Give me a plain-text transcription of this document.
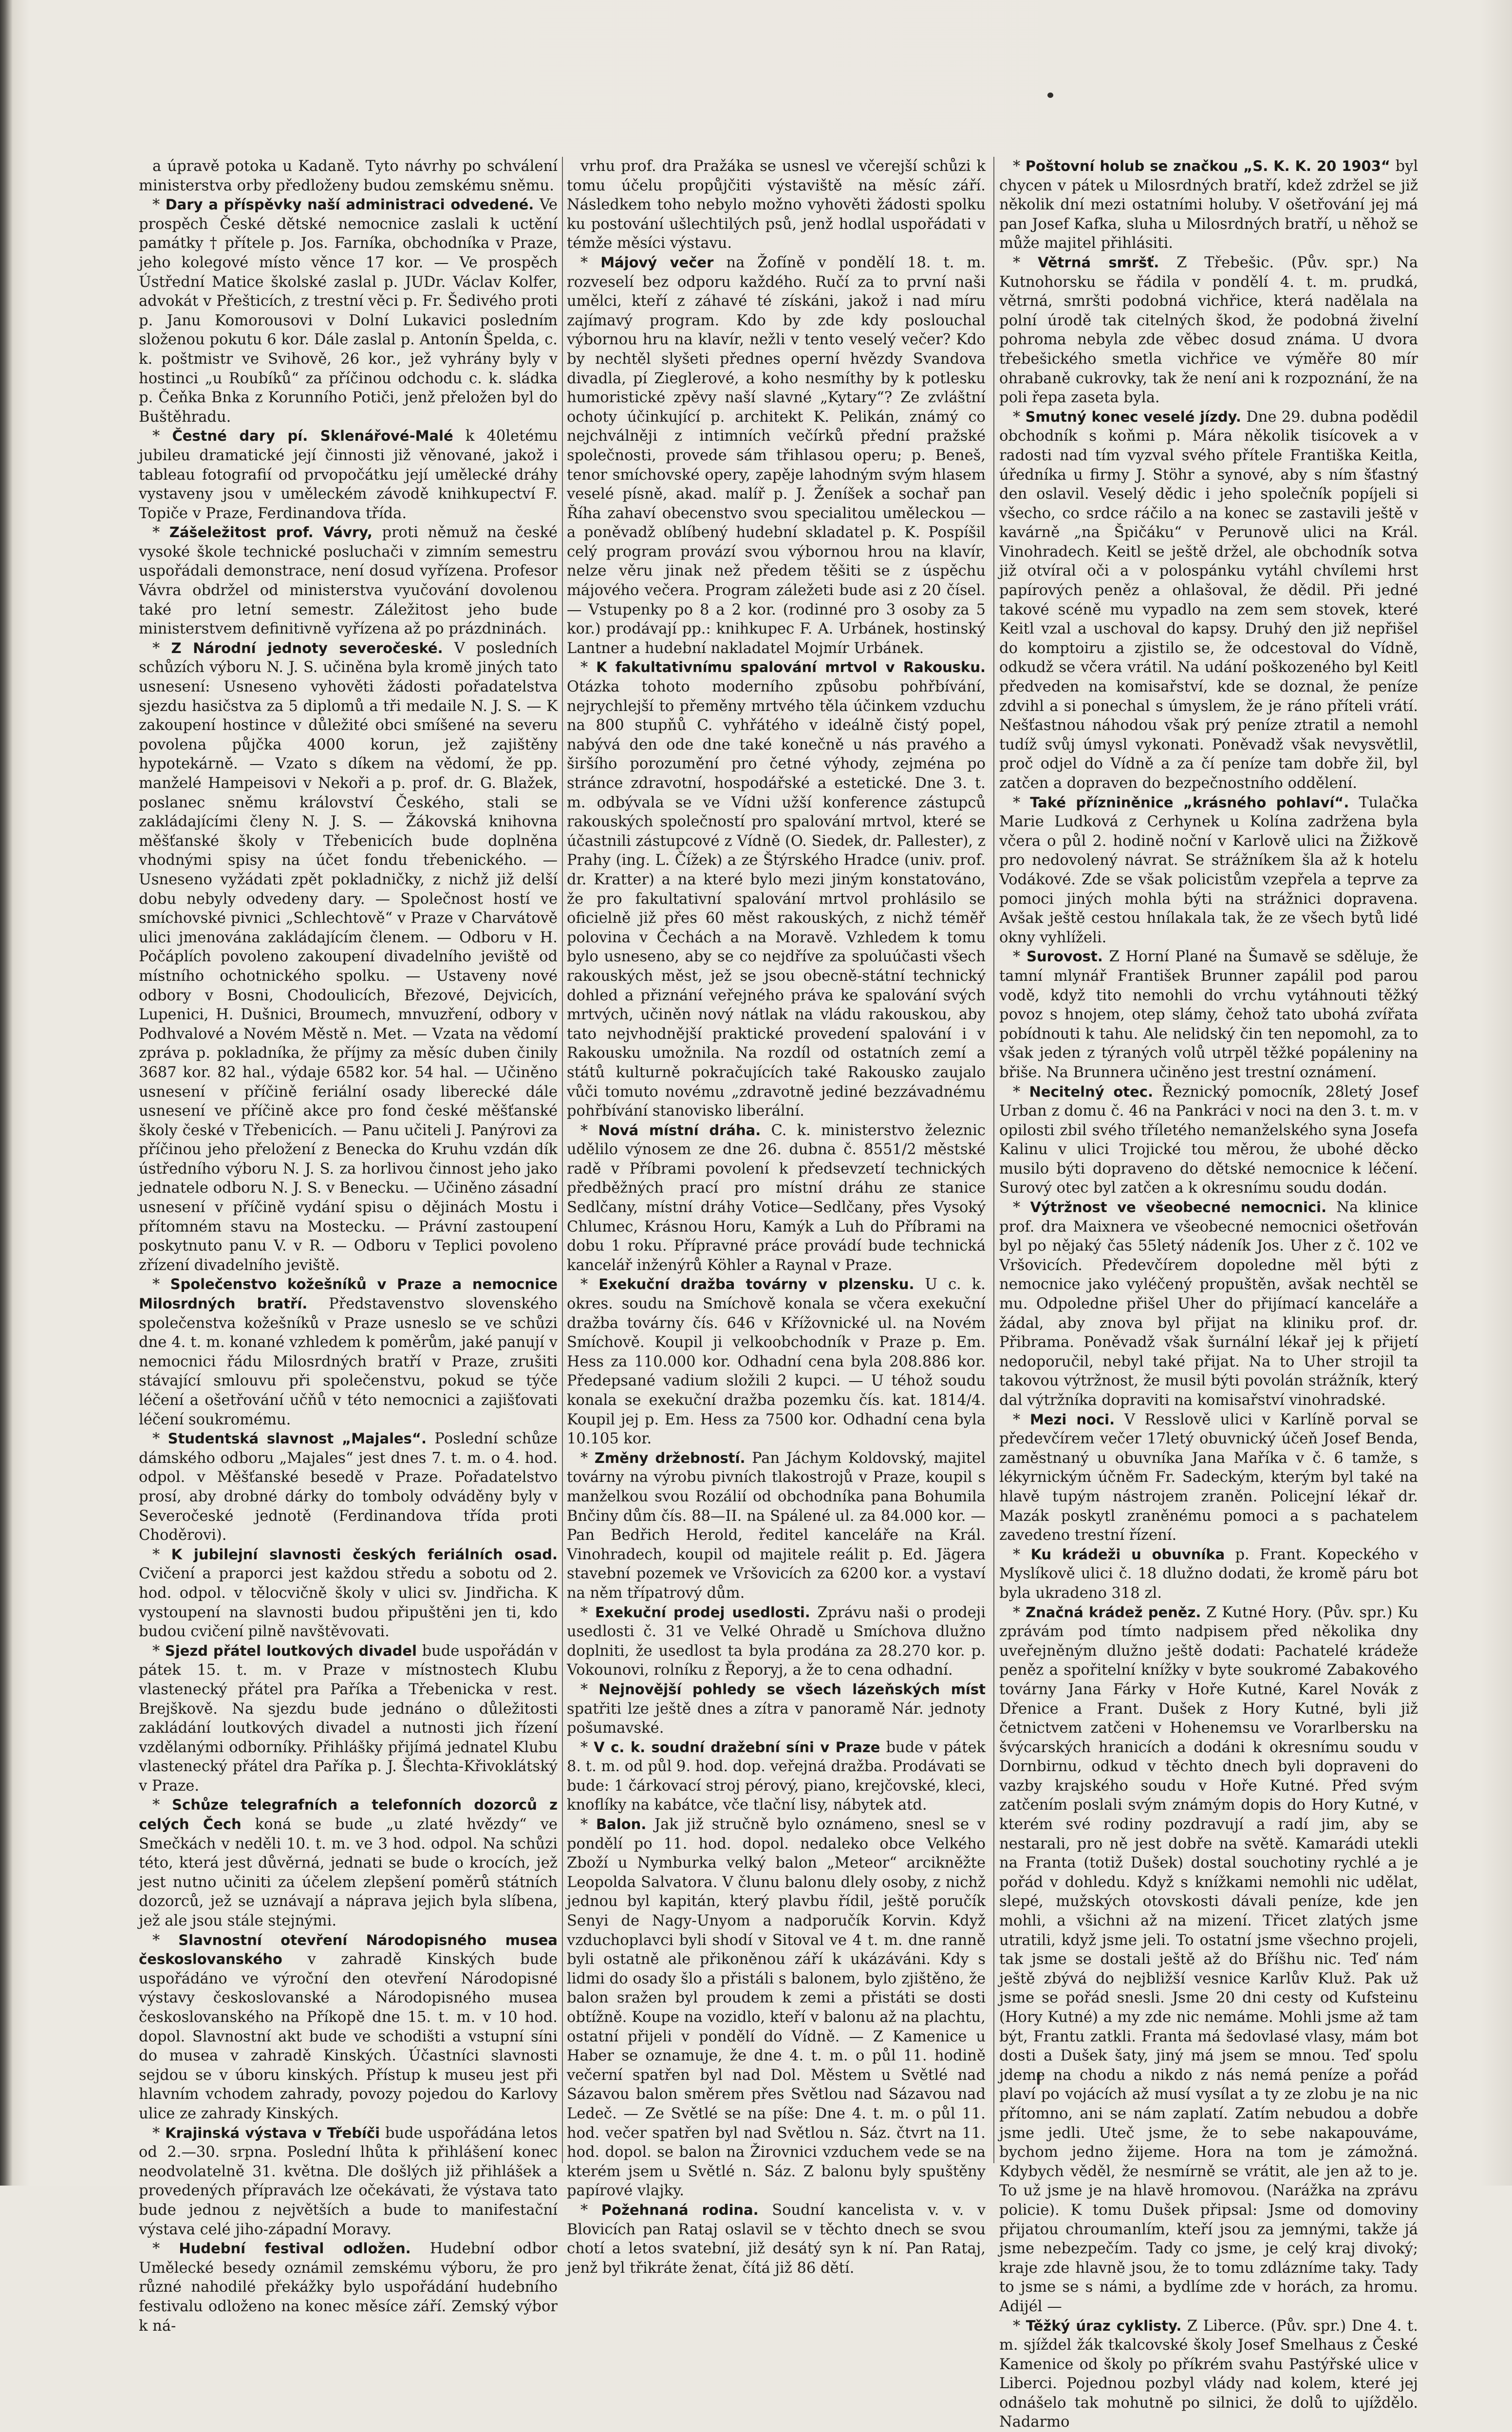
a úpravě potoka u Kadaně. Tyto návrhy po schválení ministerstva orby předloženy budou zemskému sněmu.

* Dary a příspěvky naší administraci odvedené. Ve prospěch České dětské nemocnice zaslali k uctění památky † přítele p. Jos. Farníka, obchodníka v Praze, jeho kolegové místo věnce 17 kor. — Ve prospěch Ústřední Matice školské zaslal p. JUDr. Václav Kolfer, advokát v Přešticích, z trestní věci p. Fr. Šedivého proti p. Janu Komorousovi v Dolní Lukavici posledním složenou pokutu 6 kor. Dále zaslal p. Antonín Špelda, c. k. poštmistr ve Svihově, 26 kor., jež vyhrány byly v hostinci „u Roubíků“ za příčinou odchodu c. k. sládka p. Čeňka Bnka z Korunního Potiči, jenž přeložen byl do Buštěhradu.

* Čestné dary pí. Sklenářové-Malé k 40letému jubileu dramatické její činnosti již věnované, jakož i tableau fotografií od prvopočátku její umělecké dráhy vystaveny jsou v uměleckém závodě knihkupectví F. Topiče v Praze, Ferdinandova třída.

* Zášeležitost prof. Vávry, proti němuž na české vysoké škole technické posluchači v zimním semestru uspořádali demonstrace, není dosud vyřízena. Profesor Vávra obdržel od ministerstva vyučování dovolenou také pro letní semestr. Záležitost jeho bude ministerstvem definitivně vyřízena až po prázdninách.

* Z Národní jednoty severočeské. V posledních schůzích výboru N. J. S. učiněna byla kromě jiných tato usnesení: Usneseno vyhověti žádosti pořadatelstva sjezdu hasičstva za 5 diplomů a tři medaile N. J. S. — K zakoupení hostince v důležité obci smíšené na severu povolena půjčka 4000 korun, jež zajištěny hypotekárně. — Vzato s díkem na vědomí, že pp. manželé Hampeisovi v Nekoři a p. prof. dr. G. Blažek, poslanec sněmu království Českého, stali se zakládajícími členy N. J. S. — Žákovská knihovna měšťanské školy v Třebenicích bude doplněna vhodnými spisy na účet fondu třebenického. — Usneseno vyžádati zpět pokladničky, z nichž již delší dobu nebyly odvedeny dary. — Společnost hostí ve smíchovské pivnici „Schlechtově“ v Praze v Charvátově ulici jmenována zakládajícím členem. — Odboru v H. Počáplích povoleno zakoupení divadelního jeviště od místního ochotnického spolku. — Ustaveny nové odbory v Bosni, Chodoulicích, Březové, Dejvicích, Lupenici, H. Dušnici, Broumech, mnvuzření, odbory v Podhvalové a Novém Městě n. Met. — Vzata na vědomí zpráva p. pokladníka, že příjmy za měsíc duben činily 3687 kor. 82 hal., výdaje 6582 kor. 54 hal. — Učiněno usnesení v příčině feriální osady liberecké dále usnesení ve příčině akce pro fond české měšťanské školy české v Třebenicích. — Panu učiteli J. Panýrovi za příčinou jeho přeložení z Benecka do Kruhu vzdán dík ústředního výboru N. J. S. za horlivou činnost jeho jako jednatele odboru N. J. S. v Benecku. — Učiněno zásadní usnesení v příčině vydání spisu o dějinách Mostu i přítomném stavu na Mostecku. — Právní zastoupení poskytnuto panu V. v R. — Odboru v Teplici povoleno zřízení divadelního jeviště.

* Společenstvo kožešníků v Praze a nemocnice Milosrdných bratří. Představenstvo slovenského společenstva kožešníků v Praze usneslo se ve schůzi dne 4. t. m. konané vzhledem k poměrům, jaké panují v nemocnici řádu Milosrdných bratří v Praze, zrušiti stávající smlouvu při společenstvu, pokud se týče léčení a ošetřování učňů v této nemocnici a zajišťovati léčení soukromému.

* Studentská slavnost „Majales“. Poslední schůze dámského odboru „Majales“ jest dnes 7. t. m. o 4. hod. odpol. v Měšťanské besedě v Praze. Pořadatelstvo prosí, aby drobné dárky do tomboly odváděny byly v Severočeské jednotě (Ferdinandova třída proti Choděrovi).

* K jubilejní slavnosti českých feriálních osad. Cvičení a praporci jest každou středu a sobotu od 2. hod. odpol. v tělocvičně školy v ulici sv. Jindřicha. K vystoupení na slavnosti budou připuštěni jen ti, kdo budou cvičení pilně navštěvovati.

* Sjezd přátel loutkových divadel bude uspořádán v pátek 15. t. m. v Praze v místnostech Klubu vlastenecký přátel pra Paříka a Třebenicka v rest. Brejškově. Na sjezdu bude jednáno o důležitosti zakládání loutkových divadel a nutnosti jich řízení vzdělanými odborníky. Přihlášky přijímá jednatel Klubu vlastenecký přátel dra Paříka p. J. Šlechta-Křivoklátský v Praze.

* Schůze telegrafních a telefonních dozorců z celých Čech koná se bude „u zlaté hvězdy“ ve Smečkách v neděli 10. t. m. ve 3 hod. odpol. Na schůzi této, která jest důvěrná, jednati se bude o krocích, jež jest nutno učiniti za účelem zlepšení poměrů státních dozorců, jež se uznávají a náprava jejich byla slíbena, jež ale jsou stále stejnými.

* Slavnostní otevření Národopisného musea českoslovanského v zahradě Kinských bude uspořádáno ve výroční den otevření Národopisné výstavy českoslovanské a Národopisného musea českoslovanského na Příkopě dne 15. t. m. v 10 hod. dopol. Slavnostní akt bude ve schodišti a vstupní síni do musea v zahradě Kinských. Účastníci slavnosti sejdou se v úboru kinských. Přístup k museu jest při hlavním vchodem zahrady, povozy pojedou do Karlovy ulice ze zahrady Kinských.

* Krajinská výstava v Třebíči bude uspořádána letos od 2.—30. srpna. Poslední lhůta k přihlášení konec neodvolatelně 31. května. Dle došlých již přihlášek a provedených přípravách lze očekávati, že výstava tato bude jednou z největších a bude to manifestační výstava celé jiho-západní Moravy.

* Hudební festival odložen. Hudební odbor Umělecké besedy oznámil zemskému výboru, že pro různé nahodilé překážky bylo uspořádání hudebního festivalu odloženo na konec měsíce září. Zemský výbor k ná-

vrhu prof. dra Pražáka se usnesl ve včerejší schůzi k tomu účelu propůjčiti výstaviště na měsíc září. Následkem toho nebylo možno vyhověti žádosti spolku ku postování ušlechtilých psů, jenž hodlal uspořádati v témže měsíci výstavu.

* Májový večer na Žofíně v pondělí 18. t. m. rozveselí bez odporu každého. Ručí za to první naši umělci, kteří z záhavé té získáni, jakož i nad míru zajímavý program. Kdo by zde kdy poslouchal výbornou hru na klavír, nežli v tento veselý večer? Kdo by nechtěl slyšeti přednes operní hvězdy Svandova divadla, pí Zieglerové, a koho nesmíthy by k potlesku humoristické zpěvy naší slavné „Kytary“? Ze zvláštní ochoty účinkující p. architekt K. Pelikán, známý co nejchválněji z intimních večírků přední pražské společnosti, provede sám třihlasou operu; p. Beneš, tenor smíchovské opery, zapěje lahodným svým hlasem veselé písně, akad. malíř p. J. Ženíšek a sochař pan Říha zahaví obecenstvo svou specialitou uměleckou — a poněvadž oblíbený hudební skladatel p. K. Pospíšil celý program provází svou výbornou hrou na klavír, nelze věru jinak než předem těšiti se z úspěchu májového večera. Program záležeti bude asi z 20 čísel. — Vstupenky po 8 a 2 kor. (rodinné pro 3 osoby za 5 kor.) prodávají pp.: knihkupec F. A. Urbánek, hostinský Lantner a hudební nakladatel Mojmír Urbánek.

* K fakultativnímu spalování mrtvol v Rakousku. Otázka tohoto moderního způsobu pohřbívání, nejrychlejší to přeměny mrtvého těla účinkem vzduchu na 800 stupňů C. vyhřátého v ideálně čistý popel, nabývá den ode dne také konečně u nás pravého a širšího porozumění pro četné výhody, zejména po stránce zdravotní, hospodářské a estetické. Dne 3. t. m. odbývala se ve Vídni užší konference zástupců rakouských společností pro spalování mrtvol, které se účastnili zástupcové z Vídně (O. Siedek, dr. Pallester), z Prahy (ing. L. Čížek) a ze Štýrského Hradce (univ. prof. dr. Kratter) a na které bylo mezi jiným konstatováno, že pro fakultativní spalování mrtvol prohlásilo se oficielně již přes 60 měst rakouských, z nichž téměř polovina v Čechách a na Moravě. Vzhledem k tomu bylo usneseno, aby se co nejdříve za spoluúčasti všech rakouských měst, jež se jsou obecně-státní technický dohled a přiznání veřejného práva ke spalování svých mrtvých, učiněn nový nátlak na vládu rakouskou, aby tato nejvhodnější praktické provedení spalování i v Rakousku umožnila. Na rozdíl od ostatních zemí a států kulturně pokračujících také Rakousko zaujalo vůči tomuto novému „zdravotně jediné bezzávadnému pohřbívání stanovisko liberální.

* Nová místní dráha. C. k. ministerstvo železnic udělilo výnosem ze dne 26. dubna č. 8551/2 městské radě v Příbrami povolení k předsevzetí technických předběžných prací pro místní dráhu ze stanice Sedlčany, místní dráhy Votice—Sedlčany, přes Vysoký Chlumec, Krásnou Horu, Kamýk a Luh do Příbrami na dobu 1 roku. Přípravné práce provádí bude technická kancelář inženýrů Köhler a Raynal v Praze.

* Exekuční dražba továrny v plzensku. U c. k. okres. soudu na Smíchově konala se včera exekuční dražba továrny čís. 646 v Křížovnické ul. na Novém Smíchově. Koupil ji velkoobchodník v Praze p. Em. Hess za 110.000 kor. Odhadní cena byla 208.886 kor. Předepsané vadium složili 2 kupci. — U téhož soudu konala se exekuční dražba pozemku čís. kat. 1814/4. Koupil jej p. Em. Hess za 7500 kor. Odhadní cena byla 10.105 kor.

* Změny držebností. Pan Jáchym Koldovský, majitel továrny na výrobu pivních tlakostrojů v Praze, koupil s manželkou svou Rozálií od obchodníka pana Bohumila Bnčiny dům čís. 88—II. na Spálené ul. za 84.000 kor. — Pan Bedřich Herold, ředitel kanceláře na Král. Vinohradech, koupil od majitele reálit p. Ed. Jägera stavební pozemek ve Vršovicích za 6200 kor. a vystaví na něm třípatrový dům.

* Exekuční prodej usedlosti. Zprávu naši o prodeji usedlosti č. 31 ve Velké Ohradě u Smíchova dlužno doplniti, že usedlost ta byla prodána za 28.270 kor. p. Vokounovi, rolníku z Řeporyj, a že to cena odhadní.

* Nejnovější pohledy se všech lázeňských míst spatřiti lze ještě dnes a zítra v panoramě Nár. jednoty pošumavské.

* V c. k. soudní dražební síni v Praze bude v pátek 8. t. m. od půl 9. hod. dop. veřejná dražba. Prodávati se bude: 1 čárkovací stroj pérový, piano, krejčovské, kleci, knoflíky na kabátce, vče tlační lisy, nábytek atd.

* Balon. Jak již stručně bylo oznámeno, snesl se v pondělí po 11. hod. dopol. nedaleko obce Velkého Zboží u Nymburka velký balon „Meteor“ arcikněžte Leopolda Salvatora. V člunu balonu dlely osoby, z nichž jednou byl kapitán, který plavbu řídil, ještě poručík Senyi de Nagy-Unyom a nadporučík Korvin. Když vzduchoplavci byli shodí v Sitoval ve 4 t. m. dne ranně byli ostatně ale přikoněnou září k ukázáváni. Kdy s lidmi do osady šlo a přistáli s balonem, bylo zjištěno, že balon sražen byl proudem k zemi a přistáti se dosti obtížně. Koupe na vozidlo, kteří v balonu až na plachtu, ostatní přijeli v pondělí do Vídně. — Z Kamenice u Haber se oznamuje, že dne 4. t. m. o půl 11. hodině večerní spatřen byl nad Dol. Městem u Světlé nad Sázavou balon směrem přes Světlou nad Sázavou nad Ledeč. — Ze Světlé se na píše: Dne 4. t. m. o půl 11. hod. večer spatřen byl nad Světlou n. Sáz. čtvrt na 11. hod. dopol. se balon na Žirovnici vzduchem vede se na kterém jsem u Světlé n. Sáz. Z balonu byly spuštěny papírové vlajky.

* Požehnaná rodina. Soudní kancelista v. v. v Blovicích pan Rataj oslavil se v těchto dnech se svou chotí a letos svatební, již desátý syn k ní. Pan Rataj, jenž byl třikráte ženat, čítá již 86 dětí.

* Poštovní holub se značkou „S. K. K. 20 1903“ byl chycen v pátek u Milosrdných bratří, kdež zdržel se již několik dní mezi ostatními holuby. V ošetřování jej má pan Josef Kafka, sluha u Milosrdných bratří, u něhož se může majitel přihlásiti.

* Větrná smršť. Z Třebešic. (Pův. spr.) Na Kutnohorsku se řádila v pondělí 4. t. m. prudká, větrná, smršti podobná vichřice, která nadělala na polní úrodě tak citelných škod, že podobná živelní pohroma nebyla zde věbec dosud známa. U dvora třebešického smetla vichřice ve výměře 80 mír ohrabaně cukrovky, tak že není ani k rozpoznání, že na poli řepa zaseta byla.

* Smutný konec veselé jízdy. Dne 29. dubna podědil obchodník s koňmi p. Mára několik tisícovek a v radosti nad tím vyzval svého přítele Františka Keitla, úředníka u firmy J. Stöhr a synové, aby s ním šťastný den oslavil. Veselý dědic i jeho společník popíjeli si všecho, co srdce ráčilo a na konec se zastavili ještě v kavárně „na Špičáku“ v Perunově ulici na Král. Vinohradech. Keitl se ještě držel, ale obchodník sotva již otvíral oči a v polospánku vytáhl chvílemi hrst papírových peněz a ohlašoval, že dědil. Při jedné takové scéně mu vypadlo na zem sem stovek, které Keitl vzal a uschoval do kapsy. Druhý den již nepřišel do komptoiru a zjistilo se, že odcestoval do Vídně, odkudž se včera vrátil. Na udání poškozeného byl Keitl předveden na komisařství, kde se doznal, že peníze zdvihl a si ponechal s úmyslem, že je ráno příteli vrátí. Nešťastnou náhodou však prý peníze ztratil a nemohl tudíž svůj úmysl vykonati. Poněvadž však nevysvětlil, proč odjel do Vídně a za čí peníze tam dobře žil, byl zatčen a dopraven do bezpečnostního oddělení.

* Také přízniněnice „krásného pohlaví“. Tulačka Marie Ludková z Cerhynek u Kolína zadržena byla včera o půl 2. hodině noční v Karlově ulici na Žižkově pro nedovolený návrat. Se strážníkem šla až k hotelu Vodákové. Zde se však policistům vzepřela a teprve za pomoci jiných mohla býti na strážnici dopravena. Avšak ještě cestou hnílakala tak, že ze všech bytů lidé okny vyhlíželi.

* Surovost. Z Horní Plané na Šumavě se sděluje, že tamní mlynář František Brunner zapálil pod parou vodě, když tito nemohli do vrchu vytáhnouti těžký povoz s hnojem, otep slámy, čehož tato ubohá zvířata pobídnouti k tahu. Ale nelidský čin ten nepomohl, za to však jeden z týraných volů utrpěl těžké popáleniny na břiše. Na Brunnera učiněno jest trestní oznámení.

* Necitelný otec. Řeznický pomocník, 28letý Josef Urban z domu č. 46 na Pankráci v noci na den 3. t. m. v opilosti zbil svého tříletého nemanželského syna Josefa Kalinu v ulici Trojické tou měrou, že ubohé děcko musilo býti dopraveno do dětské nemocnice k léčení. Surový otec byl zatčen a k okresnímu soudu dodán.

* Výtržnost ve všeobecné nemocnici. Na klinice prof. dra Maixnera ve všeobecné nemocnici ošetřován byl po nějaký čas 55letý nádeník Jos. Uher z č. 102 ve Vršovicích. Předevčírem dopoledne měl býti z nemocnice jako vyléčený propuštěn, avšak nechtěl se mu. Odpoledne přišel Uher do přijímací kanceláře a žádal, aby znova byl přijat na kliniku prof. dr. Přibrama. Poněvadž však šurnální lékař jej k přijetí nedoporučil, nebyl také přijat. Na to Uher strojil ta takovou výtržnost, že musil býti povolán strážník, který dal výtržníka dopraviti na komisařství vinohradské.

* Mezi noci. V Resslově ulici v Karlíně porval se předevčírem večer 17letý obuvnický účeň Josef Benda, zaměstnaný u obuvníka Jana Maříka v č. 6 tamže, s lékyrnickým účněm Fr. Sadeckým, kterým byl také na hlavě tupým nástrojem zraněn. Policejní lékař dr. Mazák poskytl zraněnému pomoci a s pachatelem zavedeno trestní řízení.

* Ku krádeži u obuvníka p. Frant. Kopeckého v Myslíkově ulici č. 18 dlužno dodati, že kromě páru bot byla ukradeno 318 zl.

* Značná krádež peněz. Z Kutné Hory. (Pův. spr.) Ku zprávám pod tímto nadpisem před několika dny uveřejněným dlužno ještě dodati: Pachatelé krádeže peněz a spořitelní knížky v byte soukromé Zabakového továrny Jana Fárky v Hoře Kutné, Karel Novák z Dřenice a Frant. Dušek z Hory Kutné, byli již četnictvem zatčeni v Hohenemsu ve Vorarlbersku na švýcarských hranicích a dodáni k okresnímu soudu v Dornbirnu, odkud v těchto dnech byli dopraveni do vazby krajského soudu v Hoře Kutné. Před svým zatčením poslali svým známým dopis do Hory Kutné, v kterém své rodiny pozdravují a radí jim, aby se nestarali, pro ně jest dobře na světě. Kamarádi utekli na Franta (totiž Dušek) dostal souchotiny rychlé a je pořád v dohledu. Když s knížkami nemohli nic udělat, slepé, mužských otovskosti dávali peníze, kde jen mohli, a všichni až na mizení. Třicet zlatých jsme utratili, když jsme jeli. To ostatní jsme všechno projeli, tak jsme se dostali ještě až do Bříšhu nic. Teď nám ještě zbývá do nejbližší vesnice Karlův Kluž. Pak už jsme se pořád snesli. Jsme 20 dni cesty od Kufsteinu (Hory Kutné) a my zde nic nemáme. Mohli jsme až tam být, Frantu zatkli. Franta má šedovlasé vlasy, mám bot dosti a Dušek šaty, jiný má jsem se mnou. Teď spolu jdeme na chodu a nikdo z nás nemá peníze a pořád plaví po vojácích až musí vysílat a ty ze zlobu je na nic přítomno, ani se nám zaplatí. Zatím nebudou a dobře jsme jedli. Uteč jsme, že to sebe nakapouváme, bychom jedno žijeme. Hora na tom je zámožná. Kdybych věděl, že nesmírně se vrátit, ale jen až to je. To už jsme je na hlavě hromovou. (Narážka na zprávu policie). K tomu Dušek připsal: Jsme od domoviny přijatou chroumanlím, kteří jsou za jemnými, takže já jsme nebezpečím. Tady co jsme, je celý kraj divoký; kraje zde hlavně jsou, že to tomu zdlázníme taky. Tady to jsme se s námi, a bydlíme zde v horách, za hromu. Adijél —

* Těžký úraz cyklisty. Z Liberce. (Pův. spr.) Dne 4. t. m. sjíždel žák tkalcovské školy Josef Smelhaus z České Kamenice od školy po příkrém svahu Pastýřské ulice v Liberci. Pojednou pozbyl vlády nad kolem, které jej odnášelo tak mohutně po silnici, že dolů to ujíždělo. Nadarmo
